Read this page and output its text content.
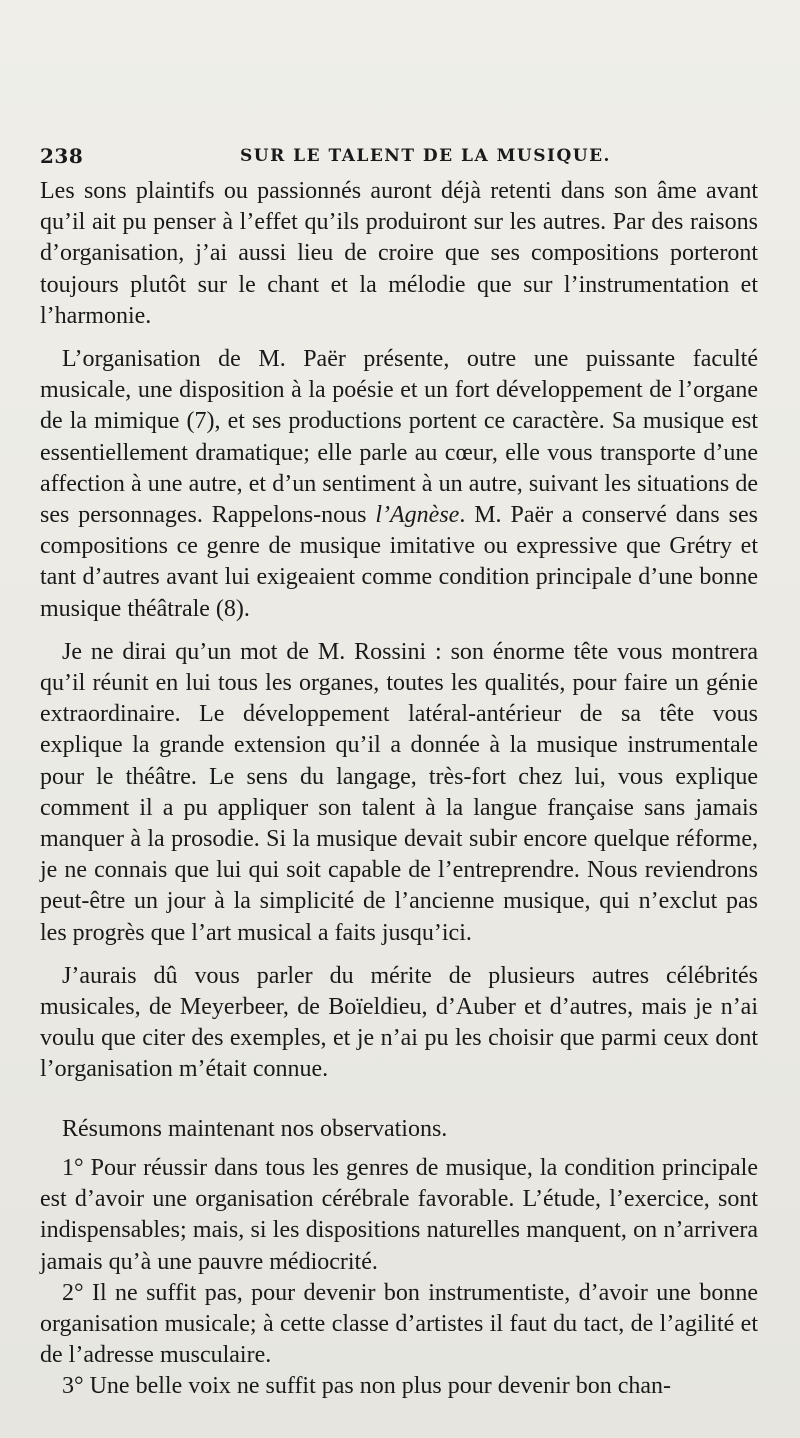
238	SUR LE TALENT DE LA MUSIQUE.

Les sons plaintifs ou passionnés auront déjà retenti dans son âme avant qu’il ait pu penser à l’effet qu’ils produiront sur les autres. Par des raisons d’organisation, j’ai aussi lieu de croire que ses compositions porteront toujours plutôt sur le chant et la mélodie que sur l’instrumentation et l’harmonie.

L’organisation de M. Paër présente, outre une puissante faculté musicale, une disposition à la poésie et un fort développement de l’organe de la mimique (7), et ses productions portent ce caractère. Sa musique est essentiellement dramatique; elle parle au cœur, elle vous transporte d’une affection à une autre, et d’un sentiment à un autre, suivant les situations de ses personnages. Rappelons-nous l’Agnèse. M. Paër a conservé dans ses compositions ce genre de musique imitative ou expressive que Grétry et tant d’autres avant lui exigeaient comme condition principale d’une bonne musique théâtrale (8).

Je ne dirai qu’un mot de M. Rossini : son énorme tête vous montrera qu’il réunit en lui tous les organes, toutes les qualités, pour faire un génie extraordinaire. Le développement latéral-antérieur de sa tête vous explique la grande extension qu’il a donnée à la musique instrumentale pour le théâtre. Le sens du langage, très-fort chez lui, vous explique comment il a pu appliquer son talent à la langue française sans jamais manquer à la prosodie. Si la musique devait subir encore quelque réforme, je ne connais que lui qui soit capable de l’entreprendre. Nous reviendrons peut-être un jour à la simplicité de l’ancienne musique, qui n’exclut pas les progrès que l’art musical a faits jusqu’ici.

J’aurais dû vous parler du mérite de plusieurs autres célébrités musicales, de Meyerbeer, de Boïeldieu, d’Auber et d’autres, mais je n’ai voulu que citer des exemples, et je n’ai pu les choisir que parmi ceux dont l’organisation m’était connue.

Résumons maintenant nos observations.

1° Pour réussir dans tous les genres de musique, la condition principale est d’avoir une organisation cérébrale favorable. L’étude, l’exercice, sont indispensables; mais, si les dispositions naturelles manquent, on n’arrivera jamais qu’à une pauvre médiocrité.

2° Il ne suffit pas, pour devenir bon instrumentiste, d’avoir une bonne organisation musicale; à cette classe d’artistes il faut du tact, de l’agilité et de l’adresse musculaire.

3° Une belle voix ne suffit pas non plus pour devenir bon chan-
